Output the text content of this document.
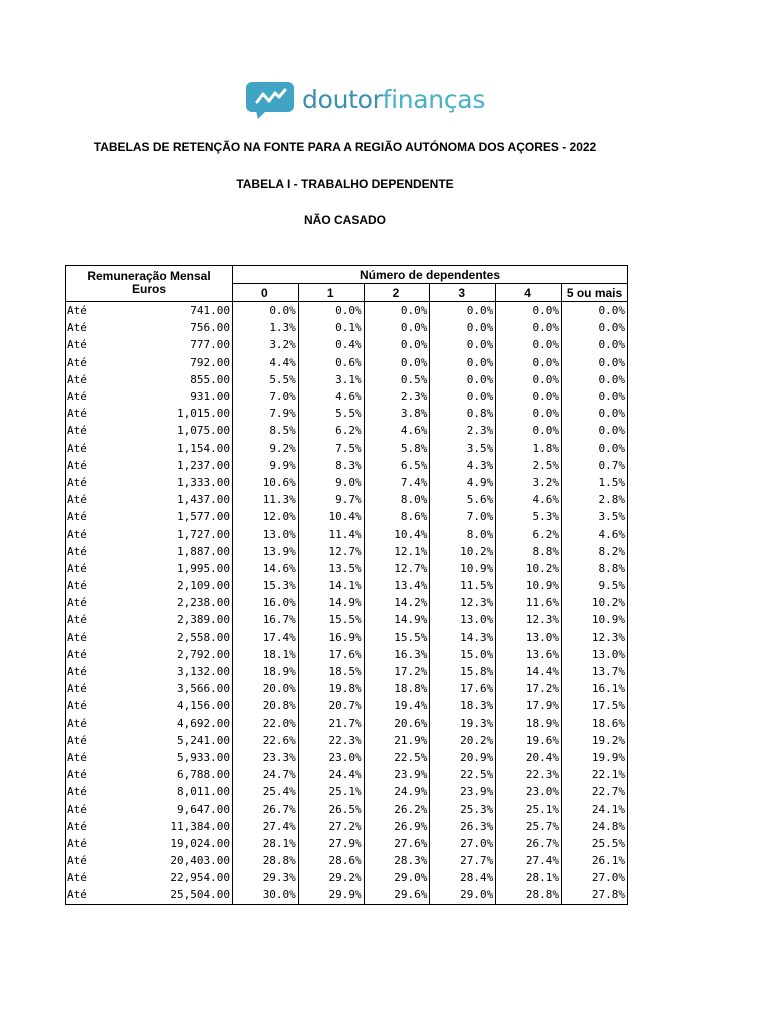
doutorfinanças
TABELAS DE RETENÇÃO NA FONTE PARA A REGIÃO AUTÓNOMA DOS AÇORES - 2022
TABELA I - TRABALHO DEPENDENTE
NÃO CASADO
Remuneração Mensal
Euros		Número de dependentes					
		0	1	2	3	4	5 ou mais
Até	741.00	0.0%	0.0%	0.0%	0.0%	0.0%	0.0%
Até	756.00	1.3%	0.1%	0.0%	0.0%	0.0%	0.0%
Até	777.00	3.2%	0.4%	0.0%	0.0%	0.0%	0.0%
Até	792.00	4.4%	0.6%	0.0%	0.0%	0.0%	0.0%
Até	855.00	5.5%	3.1%	0.5%	0.0%	0.0%	0.0%
Até	931.00	7.0%	4.6%	2.3%	0.0%	0.0%	0.0%
Até	1,015.00	7.9%	5.5%	3.8%	0.8%	0.0%	0.0%
Até	1,075.00	8.5%	6.2%	4.6%	2.3%	0.0%	0.0%
Até	1,154.00	9.2%	7.5%	5.8%	3.5%	1.8%	0.0%
Até	1,237.00	9.9%	8.3%	6.5%	4.3%	2.5%	0.7%
Até	1,333.00	10.6%	9.0%	7.4%	4.9%	3.2%	1.5%
Até	1,437.00	11.3%	9.7%	8.0%	5.6%	4.6%	2.8%
Até	1,577.00	12.0%	10.4%	8.6%	7.0%	5.3%	3.5%
Até	1,727.00	13.0%	11.4%	10.4%	8.0%	6.2%	4.6%
Até	1,887.00	13.9%	12.7%	12.1%	10.2%	8.8%	8.2%
Até	1,995.00	14.6%	13.5%	12.7%	10.9%	10.2%	8.8%
Até	2,109.00	15.3%	14.1%	13.4%	11.5%	10.9%	9.5%
Até	2,238.00	16.0%	14.9%	14.2%	12.3%	11.6%	10.2%
Até	2,389.00	16.7%	15.5%	14.9%	13.0%	12.3%	10.9%
Até	2,558.00	17.4%	16.9%	15.5%	14.3%	13.0%	12.3%
Até	2,792.00	18.1%	17.6%	16.3%	15.0%	13.6%	13.0%
Até	3,132.00	18.9%	18.5%	17.2%	15.8%	14.4%	13.7%
Até	3,566.00	20.0%	19.8%	18.8%	17.6%	17.2%	16.1%
Até	4,156.00	20.8%	20.7%	19.4%	18.3%	17.9%	17.5%
Até	4,692.00	22.0%	21.7%	20.6%	19.3%	18.9%	18.6%
Até	5,241.00	22.6%	22.3%	21.9%	20.2%	19.6%	19.2%
Até	5,933.00	23.3%	23.0%	22.5%	20.9%	20.4%	19.9%
Até	6,788.00	24.7%	24.4%	23.9%	22.5%	22.3%	22.1%
Até	8,011.00	25.4%	25.1%	24.9%	23.9%	23.0%	22.7%
Até	9,647.00	26.7%	26.5%	26.2%	25.3%	25.1%	24.1%
Até	11,384.00	27.4%	27.2%	26.9%	26.3%	25.7%	24.8%
Até	19,024.00	28.1%	27.9%	27.6%	27.0%	26.7%	25.5%
Até	20,403.00	28.8%	28.6%	28.3%	27.7%	27.4%	26.1%
Até	22,954.00	29.3%	29.2%	29.0%	28.4%	28.1%	27.0%
Até	25,504.00	30.0%	29.9%	29.6%	29.0%	28.8%	27.8%
